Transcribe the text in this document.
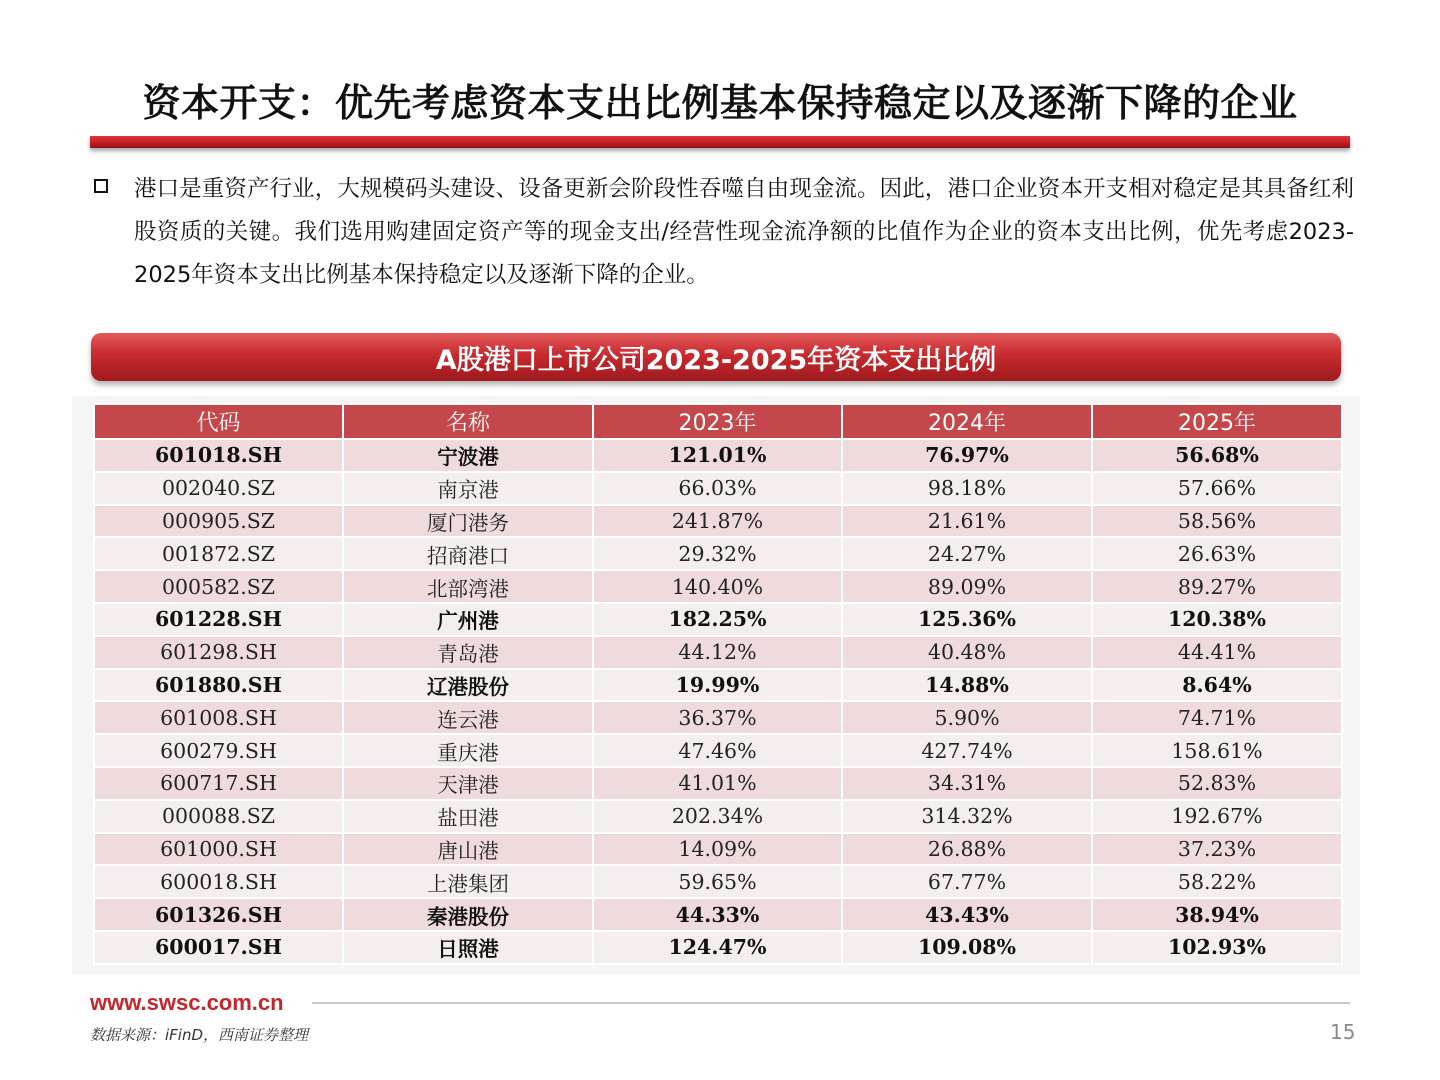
资本开支：优先考虑资本支出比例基本保持稳定以及逐渐下降的企业
港口是重资产行业，大规模码头建设、设备更新会阶段性吞噬自由现金流。因此，港口企业资本开支相对稳定是其具备红利股资质的关键。我们选用购建固定资产等的现金支出/经营性现金流净额的比值作为企业的资本支出比例，优先考虑2023-2025年资本支出比例基本保持稳定以及逐渐下降的企业。
A股港口上市公司2023-2025年资本支出比例
代码	名称	2023年	2024年	2025年
601018.SH	宁波港	121.01%	76.97%	56.68%
002040.SZ	南京港	66.03%	98.18%	57.66%
000905.SZ	厦门港务	241.87%	21.61%	58.56%
001872.SZ	招商港口	29.32%	24.27%	26.63%
000582.SZ	北部湾港	140.40%	89.09%	89.27%
601228.SH	广州港	182.25%	125.36%	120.38%
601298.SH	青岛港	44.12%	40.48%	44.41%
601880.SH	辽港股份	19.99%	14.88%	8.64%
601008.SH	连云港	36.37%	5.90%	74.71%
600279.SH	重庆港	47.46%	427.74%	158.61%
600717.SH	天津港	41.01%	34.31%	52.83%
000088.SZ	盐田港	202.34%	314.32%	192.67%
601000.SH	唐山港	14.09%	26.88%	37.23%
600018.SH	上港集团	59.65%	67.77%	58.22%
601326.SH	秦港股份	44.33%	43.43%	38.94%
600017.SH	日照港	124.47%	109.08%	102.93%
www.swsc.com.cn
数据来源：iFinD，西南证券整理	15
